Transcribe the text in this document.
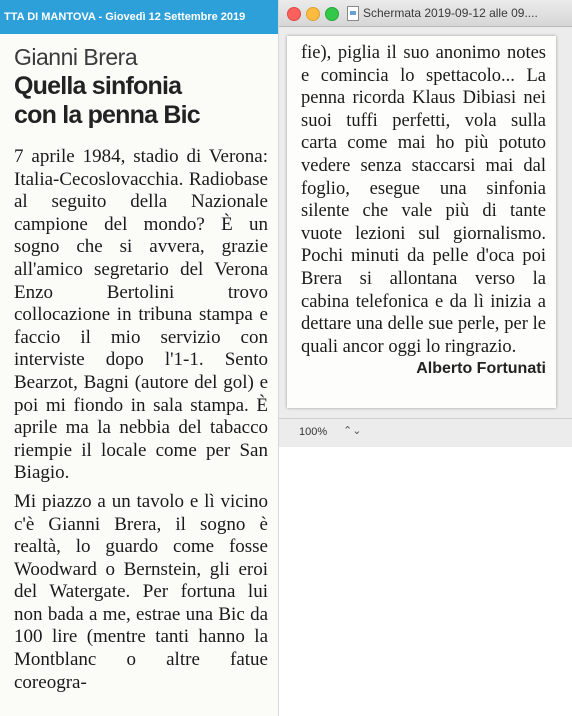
TTA DI MANTOVA - Giovedì 12 Settembre 2019
Gianni Brera
Quella sinfonia
con la penna Bic

7 aprile 1984, stadio di Verona: Italia-Cecoslovacchia. Radiobase al seguito della Nazionale campione del mondo? È un sogno che si avvera, grazie all'amico segretario del Verona Enzo Bertolini trovo collocazione in tribuna stampa e faccio il mio servizio con interviste dopo l'1-1. Sento Bearzot, Bagni (autore del gol) e poi mi fiondo in sala stampa. È aprile ma la nebbia del tabacco riempie il locale come per San Biagio.

Mi piazzo a un tavolo e lì vicino c'è Gianni Brera, il sogno è realtà, lo guardo come fosse Woodward o Bernstein, gli eroi del Watergate. Per fortuna lui non bada a me, estrae una Bic da 100 lire (mentre tanti hanno la Montblanc o altre fatue coreogra-

Schermata 2019-09-12 alle 09....

fie), piglia il suo anonimo notes e comincia lo spettacolo... La penna ricorda Klaus Dibiasi nei suoi tuffi perfetti, vola sulla carta come mai ho più potuto vedere senza staccarsi mai dal foglio, esegue una sinfonia silente che vale più di tante vuote lezioni sul giornalismo. Pochi minuti da pelle d'oca poi Brera si allontana verso la cabina telefonica e da lì inizia a dettare una delle sue perle, per le quali ancor oggi lo ringrazio.

Alberto Fortunati
100% ⌃⌄
